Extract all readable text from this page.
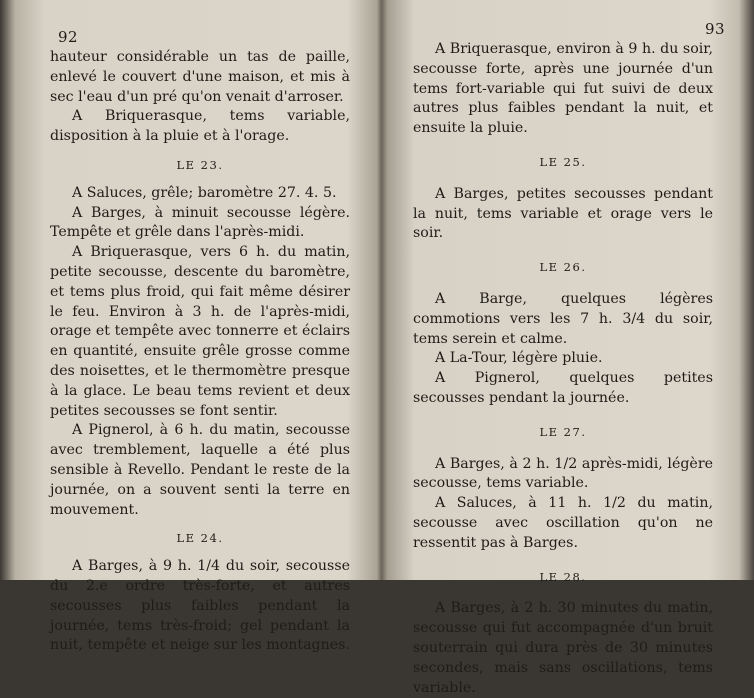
92

hauteur considérable un tas de paille, enlevé le couvert d'une maison, et mis à sec l'eau d'un pré qu'on venait d'arroser.

A Briquerasque, tems variable, disposition à la pluie et à l'orage.

LE 23.

A Saluces, grêle; baromètre 27. 4. 5.

A Barges, à minuit secousse légère. Tempête et grêle dans l'après-midi.

A Briquerasque, vers 6 h. du matin, petite secousse, descente du baromètre, et tems plus froid, qui fait même désirer le feu. Environ à 3 h. de l'après-midi, orage et tempête avec tonnerre et éclairs en quantité, ensuite grêle grosse comme des noisettes, et le thermomètre presque à la glace. Le beau tems revient et deux petites secousses se font sentir.

A Pignerol, à 6 h. du matin, secousse avec tremblement, laquelle a été plus sensible à Revello. Pendant le reste de la journée, on a souvent senti la terre en mouvement.

LE 24.

A Barges, à 9 h. 1/4 du soir, secousse du 2.e ordre très-forte, et autres secousses plus faibles pendant la journée, tems très-froid; gel pendant la nuit, tempête et neige sur les montagnes.

93

A Briquerasque, environ à 9 h. du soir, secousse forte, après une journée d'un tems fort-variable qui fut suivi de deux autres plus faibles pendant la nuit, et ensuite la pluie.

LE 25.

A Barges, petites secousses pendant la nuit, tems variable et orage vers le soir.

LE 26.

A Barge, quelques légères commotions vers les 7 h. 3/4 du soir, tems serein et calme.

A La-Tour, légère pluie.

A Pignerol, quelques petites secousses pendant la journée.

LE 27.

A Barges, à 2 h. 1/2 après-midi, légère secousse, tems variable.

A Saluces, à 11 h. 1/2 du matin, secousse avec oscillation qu'on ne ressentit pas à Barges.

LE 28.

A Barges, à 2 h. 30 minutes du matin, secousse qui fut accompagnée d'un bruit souterrain qui dura près de 30 minutes secondes, mais sans oscillations, tems variable.
